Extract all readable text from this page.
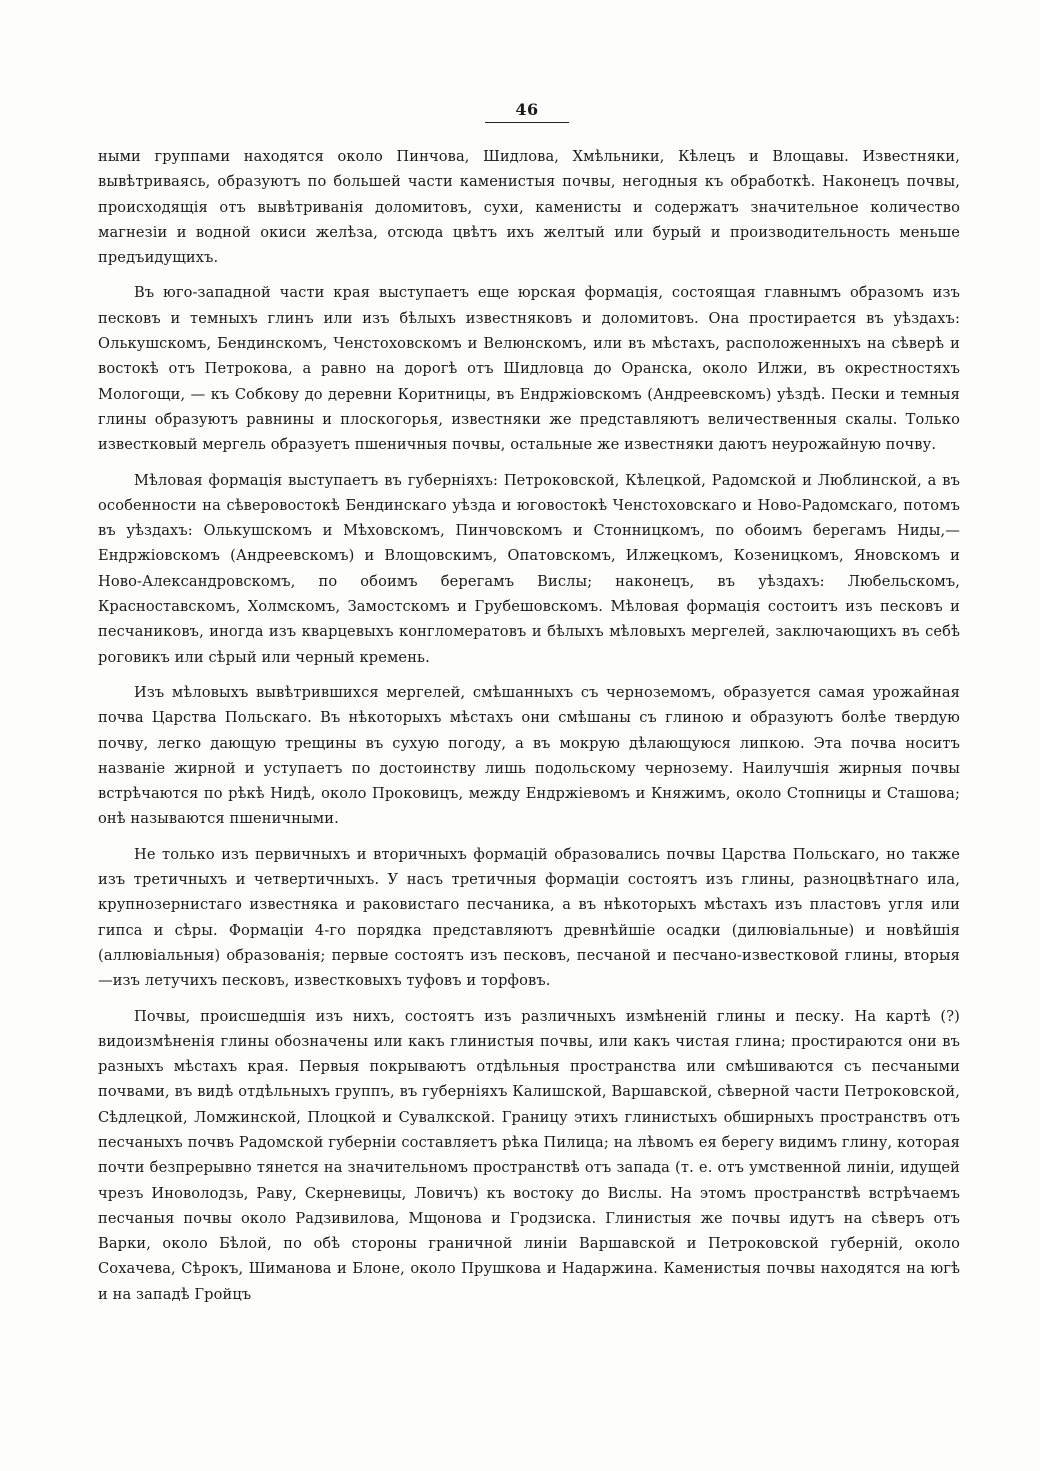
46

ными группами находятся около Пинчова, Шидлова, Хмѣльники, Кѣлецъ и Влощавы. Известняки, вывѣтриваясь, образуютъ по большей части каменистыя почвы, негодныя къ обработкѣ. Наконецъ почвы, происходящія отъ вывѣтриванія доломитовъ, сухи, каменисты и содержатъ значительное количество магнезіи и водной окиси желѣза, отсюда цвѣтъ ихъ желтый или бурый и производительность меньше предъидущихъ.

Въ юго-западной части края выступаетъ еще юрская формація, состоящая главнымъ образомъ изъ песковъ и темныхъ глинъ или изъ бѣлыхъ известняковъ и доломитовъ. Она простирается въ уѣздахъ: Олькушскомъ, Бендинскомъ, Ченстоховскомъ и Велюнскомъ, или въ мѣстахъ, расположенныхъ на сѣверѣ и востокѣ отъ Петрокова, а равно на дорогѣ отъ Шидловца до Оранска, около Илжи, въ окрестностяхъ Мологощи, — къ Собкову до деревни Коритницы, въ Ендржіовскомъ (Андреевскомъ) уѣздѣ. Пески и темныя глины образуютъ равнины и плоскогорья, известняки же представляютъ величественныя скалы. Только известковый мергель образуетъ пшеничныя почвы, остальные же известняки даютъ неурожайную почву.

Мѣловая формація выступаетъ въ губерніяхъ: Петроковской, Кѣлецкой, Радомской и Люблинской, а въ особенности на сѣверовостокѣ Бендинскаго уѣзда и юговостокѣ Ченстоховскаго и Ново-Радомскаго, потомъ въ уѣздахъ: Олькушскомъ и Мѣховскомъ, Пинчовскомъ и Стонницкомъ, по обоимъ берегамъ Ниды,—Ендржіовскомъ (Андреевскомъ) и Влощовскимъ, Опатовскомъ, Илжецкомъ, Козеницкомъ, Яновскомъ и Ново-Александровскомъ, по обоимъ берегамъ Вислы; наконецъ, въ уѣздахъ: Любельскомъ, Красноставскомъ, Холмскомъ, Замостскомъ и Грубешовскомъ. Мѣловая формація состоитъ изъ песковъ и песчаниковъ, иногда изъ кварцевыхъ конгломератовъ и бѣлыхъ мѣловыхъ мергелей, заключающихъ въ себѣ роговикъ или сѣрый или черный кремень.

Изъ мѣловыхъ вывѣтрившихся мергелей, смѣшанныхъ съ черноземомъ, образуется самая урожайная почва Царства Польскаго. Въ нѣкоторыхъ мѣстахъ они смѣшаны съ глиною и образуютъ болѣе твердую почву, легко дающую трещины въ сухую погоду, а въ мокрую дѣлающуюся липкою. Эта почва носитъ названіе жирной и уступаетъ по достоинству лишь подольскому чернозему. Наилучшія жирныя почвы встрѣчаются по рѣкѣ Нидѣ, около Проковицъ, между Ендржіевомъ и Княжимъ, около Стопницы и Сташова; онѣ называются пшеничными.

Не только изъ первичныхъ и вторичныхъ формацій образовались почвы Царства Польскаго, но также изъ третичныхъ и четвертичныхъ. У насъ третичныя формаціи состоятъ изъ глины, разноцвѣтнаго ила, крупнозернистаго известняка и раковистаго песчаника, а въ нѣкоторыхъ мѣстахъ изъ пластовъ угля или гипса и сѣры. Формаціи 4-го порядка представляютъ древнѣйшіе осадки (дилювіальные) и новѣйшія (аллювіальныя) образованія; первые состоятъ изъ песковъ, песчаной и песчано-известковой глины, вторыя—изъ летучихъ песковъ, известковыхъ туфовъ и торфовъ.

Почвы, происшедшія изъ нихъ, состоятъ изъ различныхъ измѣненій глины и песку. На картѣ (?) видоизмѣненія глины обозначены или какъ глинистыя почвы, или какъ чистая глина; простираются они въ разныхъ мѣстахъ края. Первыя покрываютъ отдѣльныя пространства или смѣшиваются съ песчаными почвами, въ видѣ отдѣльныхъ группъ, въ губерніяхъ Калишской, Варшавской, сѣверной части Петроковской, Сѣдлецкой, Ломжинской, Плоцкой и Сувалкской. Границу этихъ глинистыхъ обширныхъ пространствъ отъ песчаныхъ почвъ Радомской губерніи составляетъ рѣка Пилица; на лѣвомъ ея берегу видимъ глину, которая почти безпрерывно тянется на значительномъ пространствѣ отъ запада (т. е. отъ умственной линіи, идущей чрезъ Иноволодзь, Раву, Скерневицы, Ловичъ) къ востоку до Вислы. На этомъ пространствѣ встрѣчаемъ песчаныя почвы около Радзивилова, Мщонова и Гродзиска. Глинистыя же почвы идутъ на сѣверъ отъ Варки, около Бѣлой, по обѣ стороны граничной линіи Варшавской и Петроковской губерній, около Сохачева, Сѣрокъ, Шиманова и Блоне, около Прушкова и Надаржина. Каменистыя почвы находятся на югѣ и на западѣ Гройцъ
